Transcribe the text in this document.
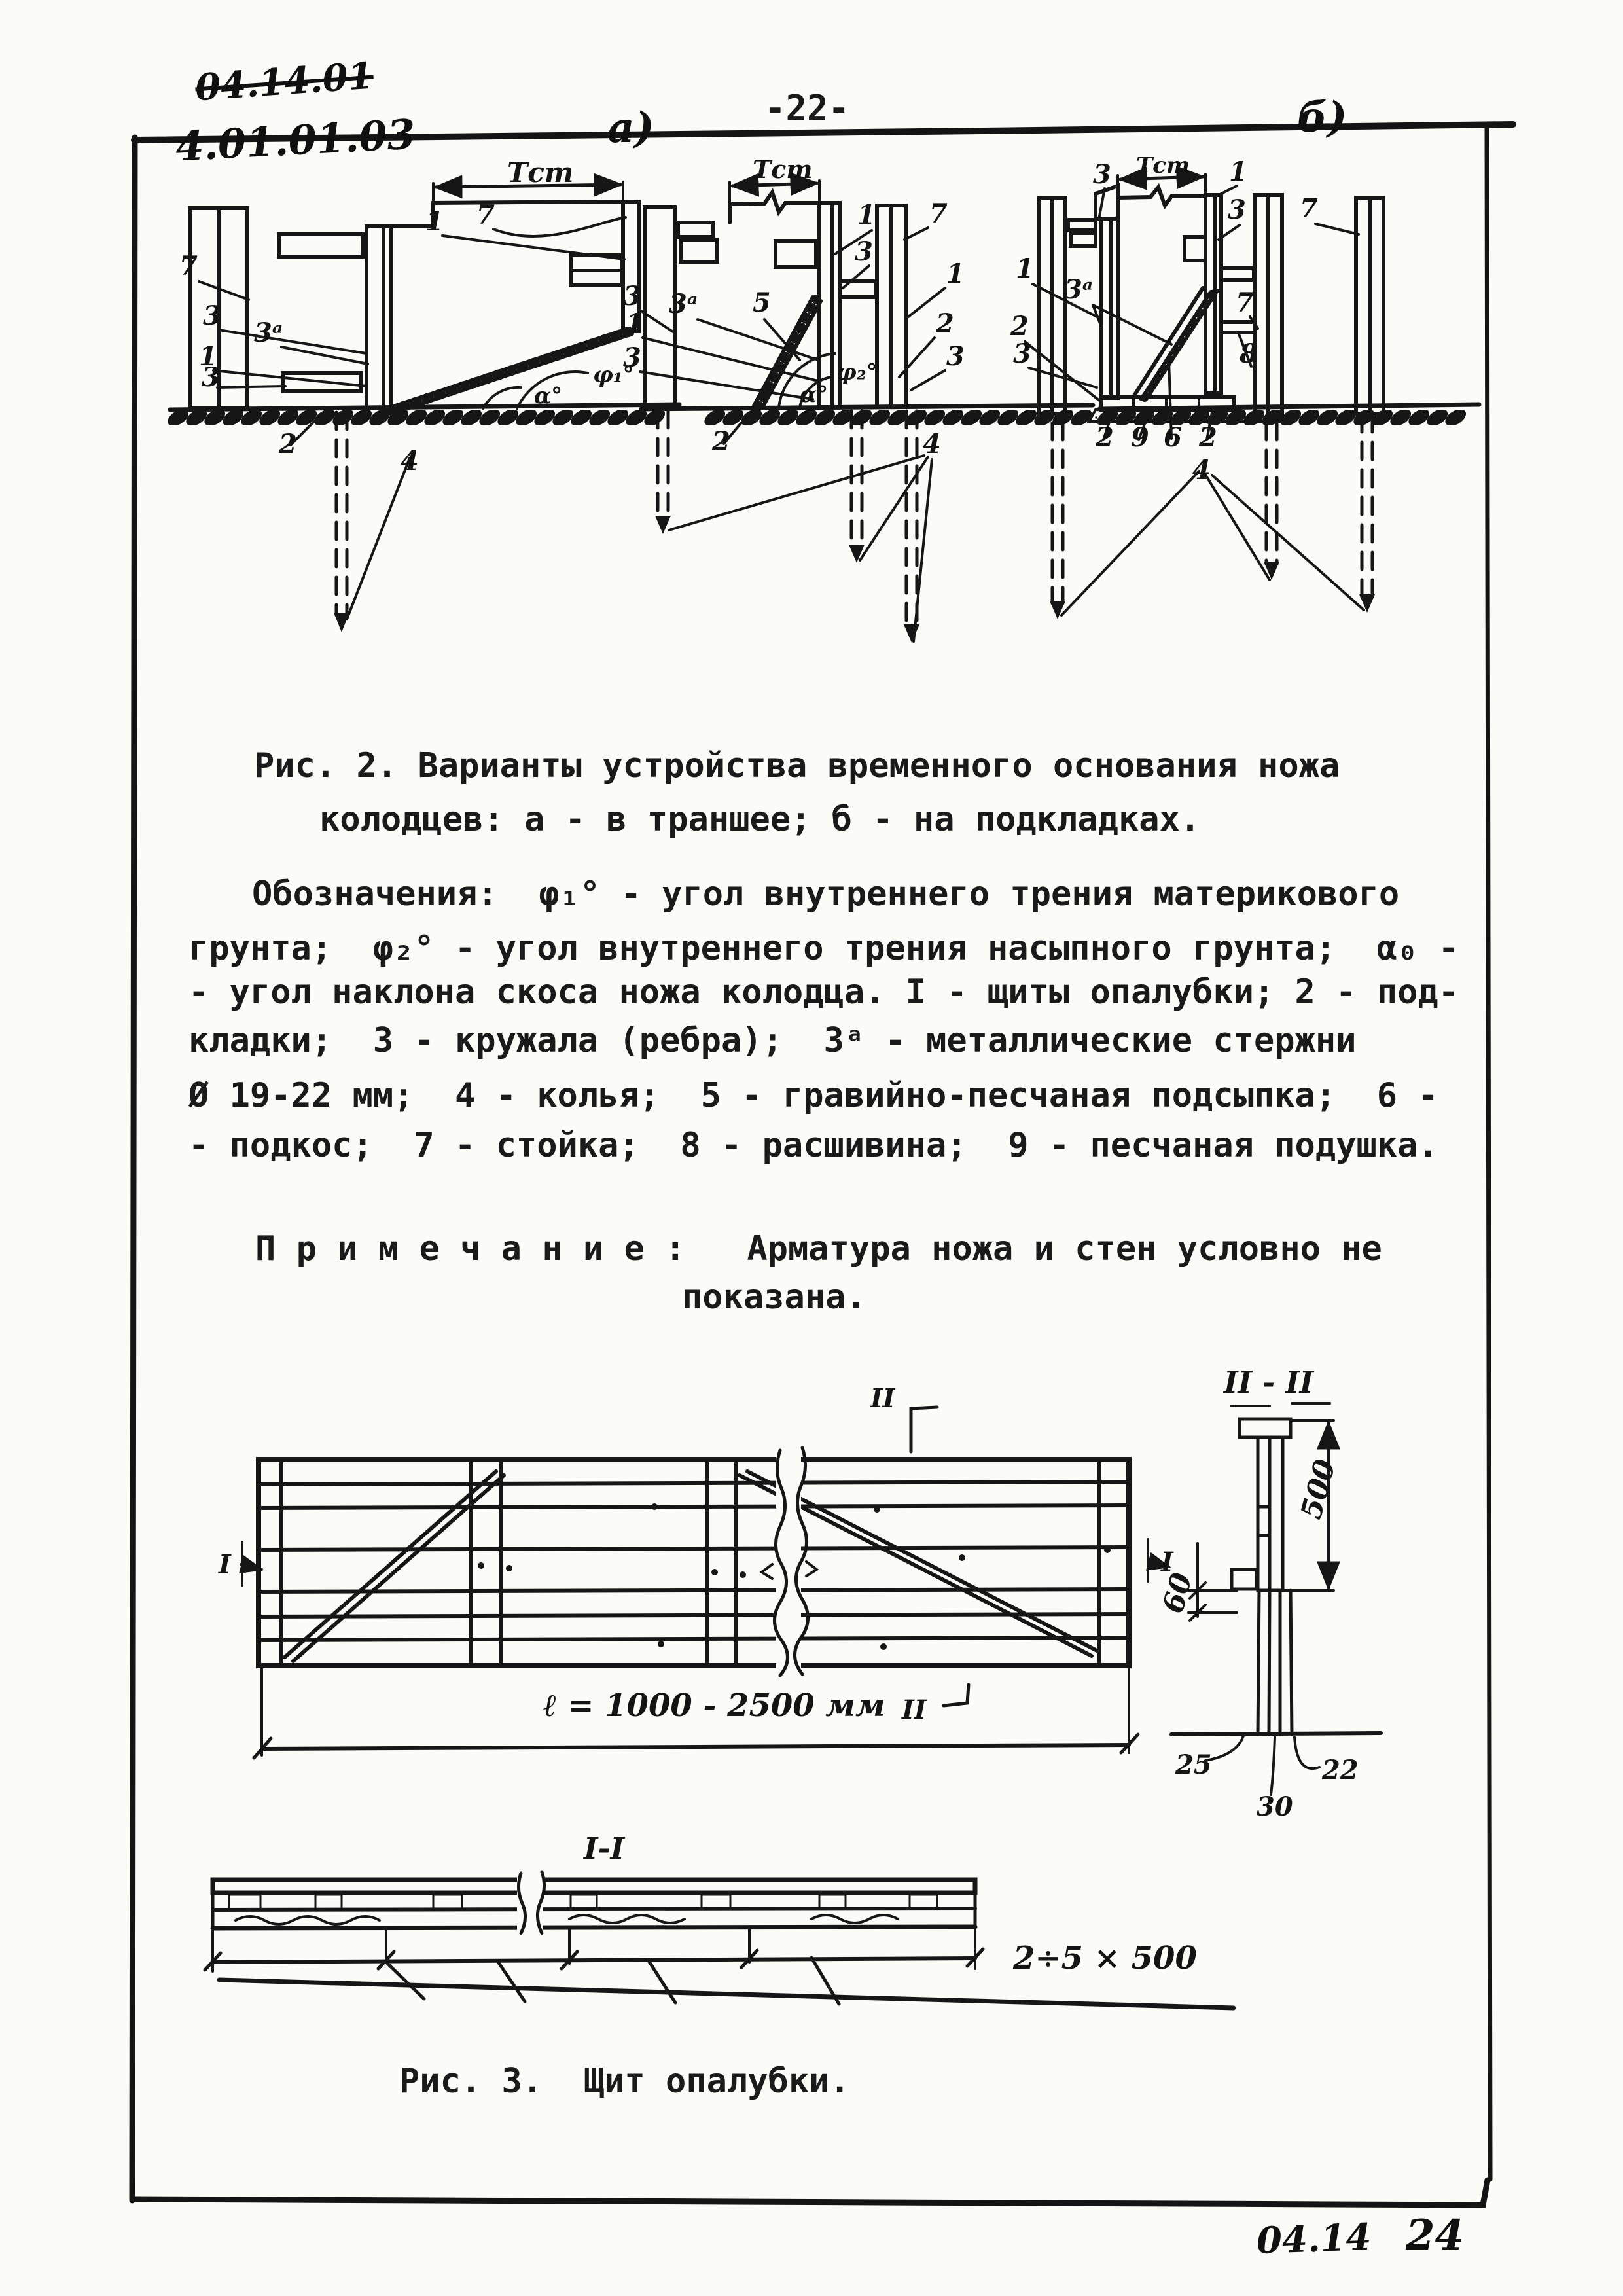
04.14.01
4.01.01.03
-22-
а)	б)
7
3
3ᵃ
1
3
2
4
1 7
Тст
φ₁°
α°
3 3ᵃ
1
3
5
1
3
7
1
2
3
2	4
Тст
φ₂°
α°
3	1
3 7
1
3ᵃ
2
3
7
8
2 9 6 2
4
Тст
Рис. 2. Варианты устройства временного основания ножа
колодцев: а - в траншее; б - на подкладках.
Обозначения:  φ₁° - угол внутреннего трения материкового
грунта;  φ₂° - угол внутреннего трения насыпного грунта;  α₀ -
- угол наклона скоса ножа колодца. I - щиты опалубки; 2 - под-
кладки;  3 - кружала (ребра);  3ᵃ - металлические стержни
Ø 19-22 мм;  4 - колья;  5 - гравийно-песчаная подсыпка;  6 -
- подкос;  7 - стойка;  8 - расшивина;  9 - песчаная подушка.
П р и м е ч а н и е :   Арматура ножа и стен условно не
показана.
I	I
II
II
ℓ = 1000 - 2500 мм
II - II
500
60
25	22
30
I-I
2÷5 × 500
Рис. 3.  Щит опалубки.
04.14 24
